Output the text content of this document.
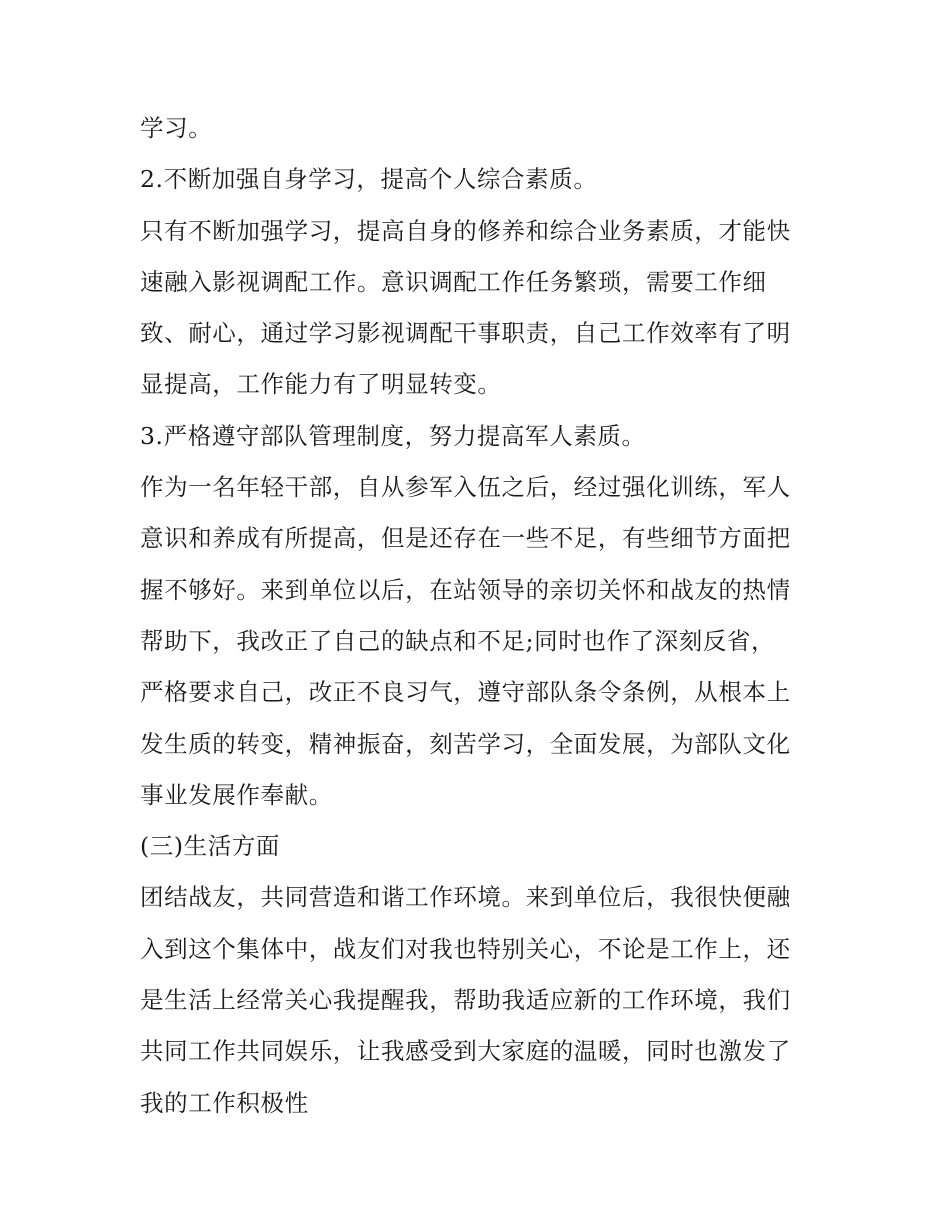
学习。
2.不断加强自身学习，提高个人综合素质。
只有不断加强学习，提高自身的修养和综合业务素质，才能快
速融入影视调配工作。意识调配工作任务繁琐，需要工作细
致、耐心，通过学习影视调配干事职责，自己工作效率有了明
显提高，工作能力有了明显转变。
3.严格遵守部队管理制度，努力提高军人素质。
作为一名年轻干部，自从参军入伍之后，经过强化训练，军人
意识和养成有所提高，但是还存在一些不足，有些细节方面把
握不够好。来到单位以后，在站领导的亲切关怀和战友的热情
帮助下，我改正了自己的缺点和不足;同时也作了深刻反省，
严格要求自己，改正不良习气，遵守部队条令条例，从根本上
发生质的转变，精神振奋，刻苦学习，全面发展，为部队文化
事业发展作奉献。
(三)生活方面
团结战友，共同营造和谐工作环境。来到单位后，我很快便融
入到这个集体中，战友们对我也特别关心，不论是工作上，还
是生活上经常关心我提醒我，帮助我适应新的工作环境，我们
共同工作共同娱乐，让我感受到大家庭的温暖，同时也激发了
我的工作积极性
